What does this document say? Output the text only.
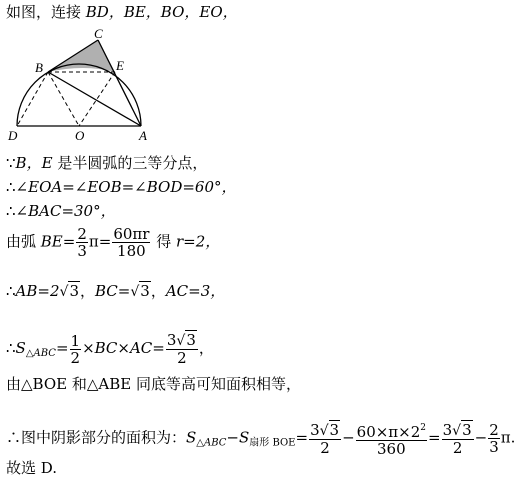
如图，连接 BD，BE，BO，EO，
C
B	E
D	O	A
∵B，E 是半圆弧的三等分点，
∴∠EOA=∠EOB=∠BOD=60°，
∴∠BAC=30°，
由弧 $BE= \frac{2}{3} \pi= \frac{60\pi r}{180}$ 得 r=2，
∴AB=2√3，BC=√3，AC=3，
$\therefore S_{\triangle ABC}= \frac{1}{2} \times BC\times AC= \frac{3√3}{2}$ ，
由△BOE 和△ABE 同底等高可知面积相等，
∴图中阴影部分的面积为：$S_{\triangle ABC}-S_{扇形 BOE}= \frac{3√3}{2} - \frac{60\times\pi\times 2^2}{360} = \frac{3√3}{2} - \frac{2}{3} \pi$.
故选 D.
